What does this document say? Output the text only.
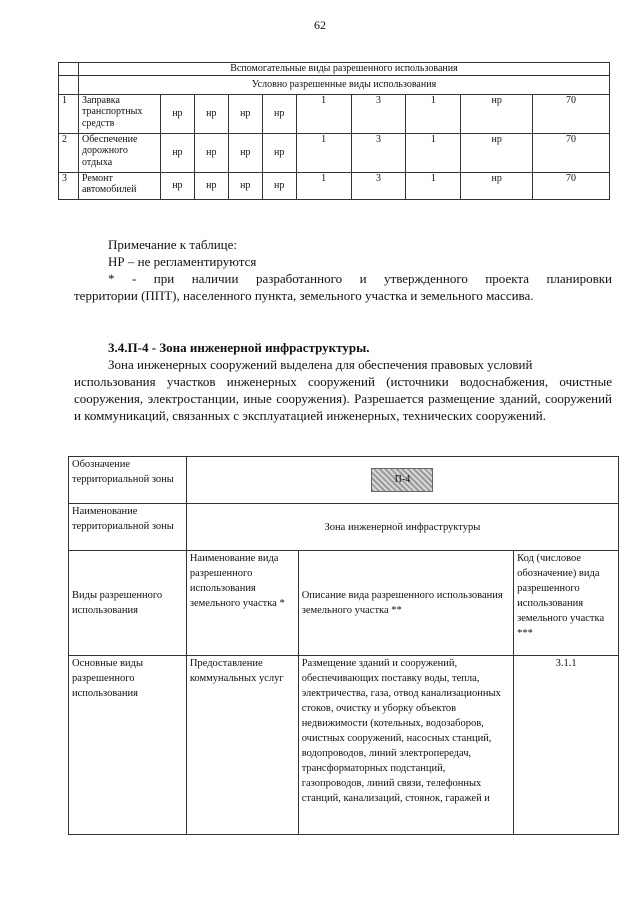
62
	Вспомогательные виды разрешенного использования									
	Условно разрешенные виды использования									
1	Заправка транспортных средств	нр	нр	нр	нр	1	3	1	нр	70
2	Обеспечение дорожного отдыха	нр	нр	нр	нр	1	3	1	нр	70
3	Ремонт автомобилей	нр	нр	нр	нр	1	3	1	нр	70

Примечание к таблице:

НР – не регламентируются

* - при наличии разработанного и утвержденного проекта планировки

территории (ППТ), населенного пункта, земельного участка и земельного массива.

3.4.П-4 - Зона инженерной инфраструктуры.

Зона инженерных сооружений выделена для обеспечения правовых условий

использования участков инженерных сооружений (источники водоснабжения, очистные сооружения, электростанции, иные сооружения). Разрешается размещение зданий, сооружений и коммуникаций, связанных с эксплуатацией инженерных, технических сооружений.

Обозначение территориальной зоны	П-4		
Наименование территориальной зоны	Зона инженерной инфраструктуры		
Виды разрешенного использования	Наименование вида разрешенного использования земельного участка *	Описание вида разрешенного использования земельного участка **	Код (числовое обозначение) вида разрешенного использования земельного участка ***
Основные виды разрешенного использования	Предоставление коммунальных услуг	Размещение зданий и сооружений, обеспечивающих поставку воды, тепла, электричества, газа, отвод канализационных стоков, очистку и уборку объектов недвижимости (котельных, водозаборов, очистных сооружений, насосных станций, водопроводов, линий электропередач, трансформаторных подстанций, газопроводов, линий связи, телефонных станций, канализаций, стоянок, гаражей и	3.1.1
